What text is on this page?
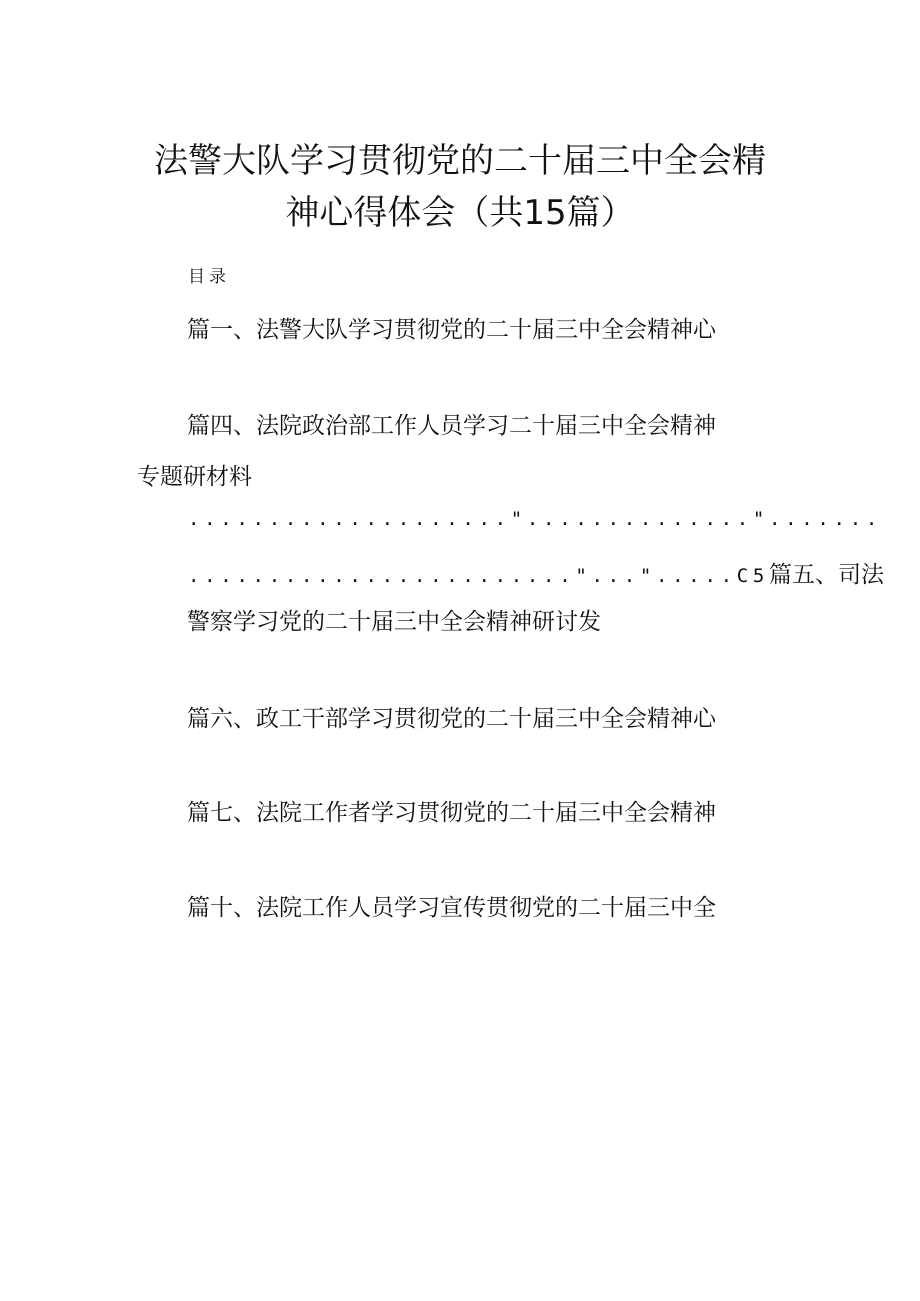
法警大队学习贯彻党的二十届三中全会精
神心得体会（共15篇）
目录
篇一、法警大队学习贯彻党的二十届三中全会精神心
篇四、法院政治部工作人员学习二十届三中全会精神
专题研材料
...................."..............".......
........................"...".....C5篇五、司法
警察学习党的二十届三中全会精神研讨发
篇六、政工干部学习贯彻党的二十届三中全会精神心
篇七、法院工作者学习贯彻党的二十届三中全会精神
篇十、法院工作人员学习宣传贯彻党的二十届三中全
